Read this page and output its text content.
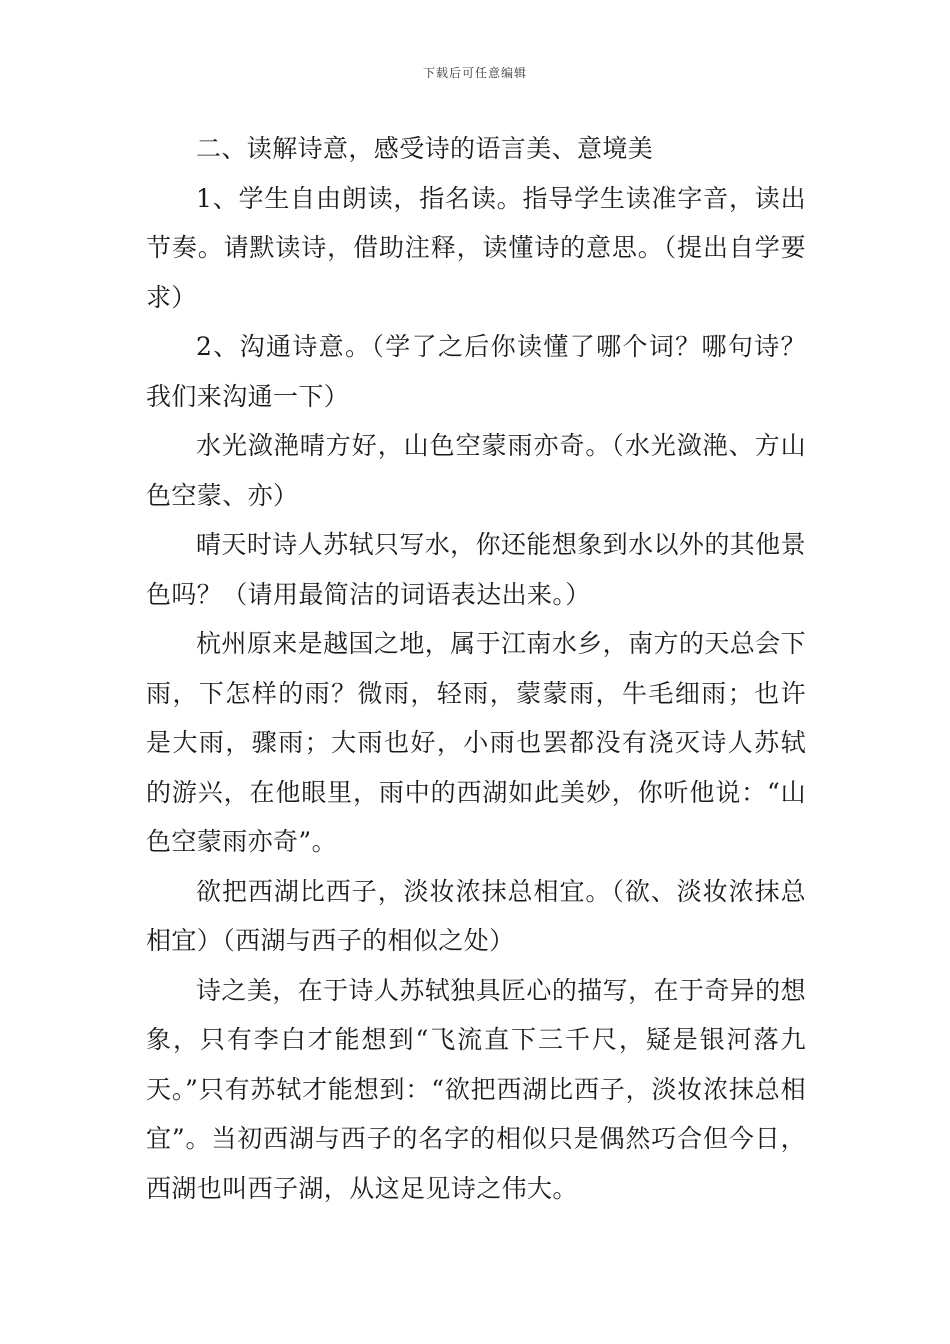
下载后可任意编辑

二、读解诗意，感受诗的语言美、意境美

1、学生自由朗读，指名读。指导学生读准字音，读出节奏。请默读诗，借助注释，读懂诗的意思。（提出自学要求）

2、沟通诗意。（学了之后你读懂了哪个词？哪句诗？我们来沟通一下）

水光潋滟晴方好，山色空蒙雨亦奇。（水光潋滟、方山色空蒙、亦）

晴天时诗人苏轼只写水，你还能想象到水以外的其他景色吗？（请用最简洁的词语表达出来。）

杭州原来是越国之地，属于江南水乡，南方的天总会下雨，下怎样的雨？微雨，轻雨，蒙蒙雨，牛毛细雨；也许是大雨，骤雨；大雨也好，小雨也罢都没有浇灭诗人苏轼的游兴，在他眼里，雨中的西湖如此美妙，你听他说：“山色空蒙雨亦奇”。

欲把西湖比西子，淡妆浓抹总相宜。（欲、淡妆浓抹总相宜）（西湖与西子的相似之处）

诗之美，在于诗人苏轼独具匠心的描写，在于奇异的想象，只有李白才能想到“飞流直下三千尺，疑是银河落九天。”只有苏轼才能想到：“欲把西湖比西子，淡妆浓抹总相宜”。当初西湖与西子的名字的相似只是偶然巧合但今日，西湖也叫西子湖，从这足见诗之伟大。
